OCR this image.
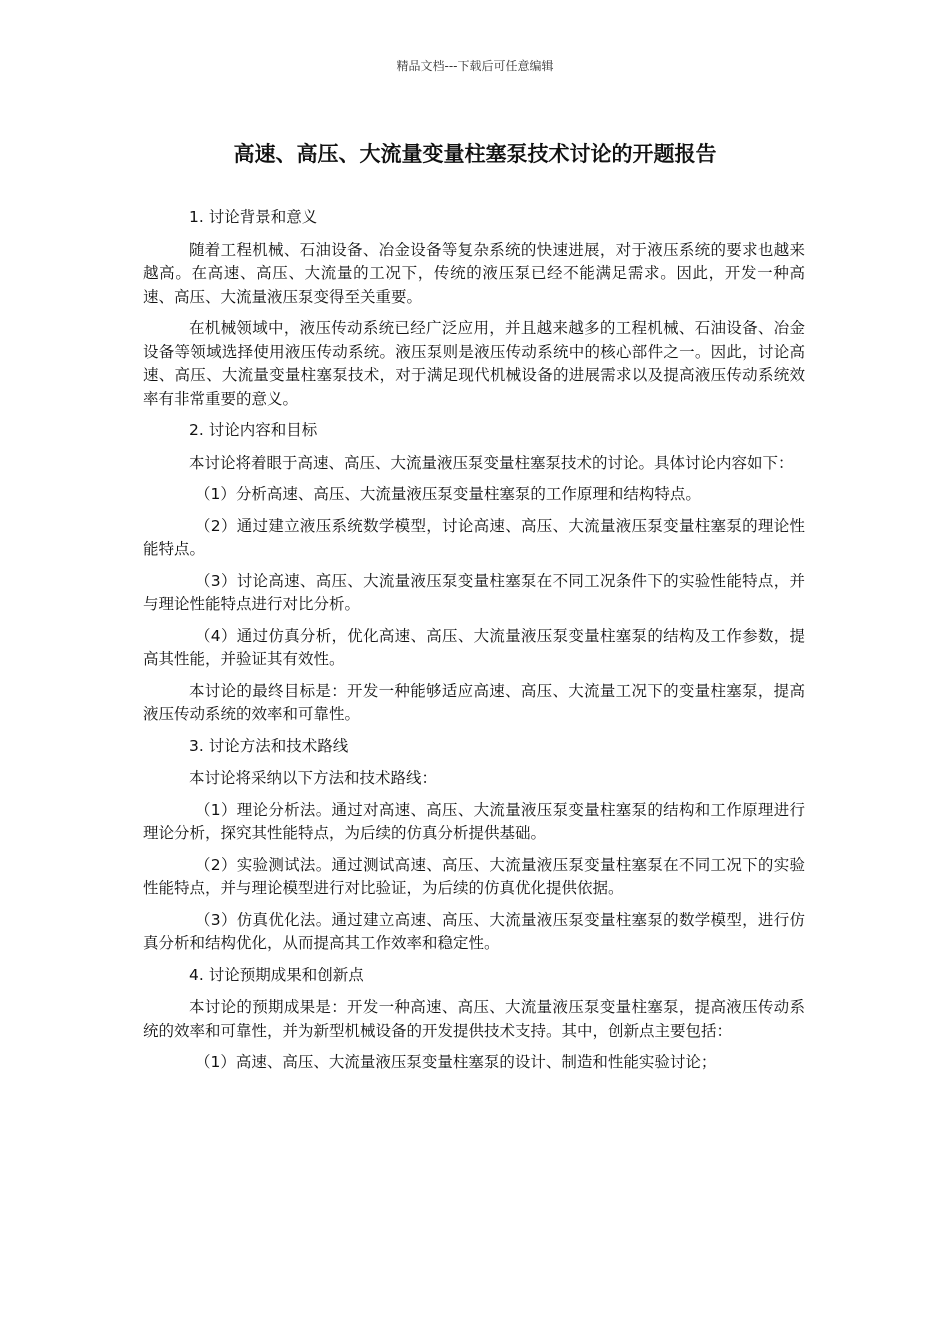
精品文档---下载后可任意编辑
高速、高压、大流量变量柱塞泵技术讨论的开题报告

1. 讨论背景和意义

随着工程机械、石油设备、冶金设备等复杂系统的快速进展，对于液压系统的要求也越来越高。在高速、高压、大流量的工况下，传统的液压泵已经不能满足需求。因此，开发一种高速、高压、大流量液压泵变得至关重要。

在机械领域中，液压传动系统已经广泛应用，并且越来越多的工程机械、石油设备、冶金设备等领域选择使用液压传动系统。液压泵则是液压传动系统中的核心部件之一。因此，讨论高速、高压、大流量变量柱塞泵技术，对于满足现代机械设备的进展需求以及提高液压传动系统效率有非常重要的意义。

2. 讨论内容和目标

本讨论将着眼于高速、高压、大流量液压泵变量柱塞泵技术的讨论。具体讨论内容如下：

（1）分析高速、高压、大流量液压泵变量柱塞泵的工作原理和结构特点。

（2）通过建立液压系统数学模型，讨论高速、高压、大流量液压泵变量柱塞泵的理论性能特点。

（3）讨论高速、高压、大流量液压泵变量柱塞泵在不同工况条件下的实验性能特点，并与理论性能特点进行对比分析。

（4）通过仿真分析，优化高速、高压、大流量液压泵变量柱塞泵的结构及工作参数，提高其性能，并验证其有效性。

本讨论的最终目标是：开发一种能够适应高速、高压、大流量工况下的变量柱塞泵，提高液压传动系统的效率和可靠性。

3. 讨论方法和技术路线

本讨论将采纳以下方法和技术路线：

（1）理论分析法。通过对高速、高压、大流量液压泵变量柱塞泵的结构和工作原理进行理论分析，探究其性能特点，为后续的仿真分析提供基础。

（2）实验测试法。通过测试高速、高压、大流量液压泵变量柱塞泵在不同工况下的实验性能特点，并与理论模型进行对比验证，为后续的仿真优化提供依据。

（3）仿真优化法。通过建立高速、高压、大流量液压泵变量柱塞泵的数学模型，进行仿真分析和结构优化，从而提高其工作效率和稳定性。

4. 讨论预期成果和创新点

本讨论的预期成果是：开发一种高速、高压、大流量液压泵变量柱塞泵，提高液压传动系统的效率和可靠性，并为新型机械设备的开发提供技术支持。其中，创新点主要包括：

（1）高速、高压、大流量液压泵变量柱塞泵的设计、制造和性能实验讨论；
